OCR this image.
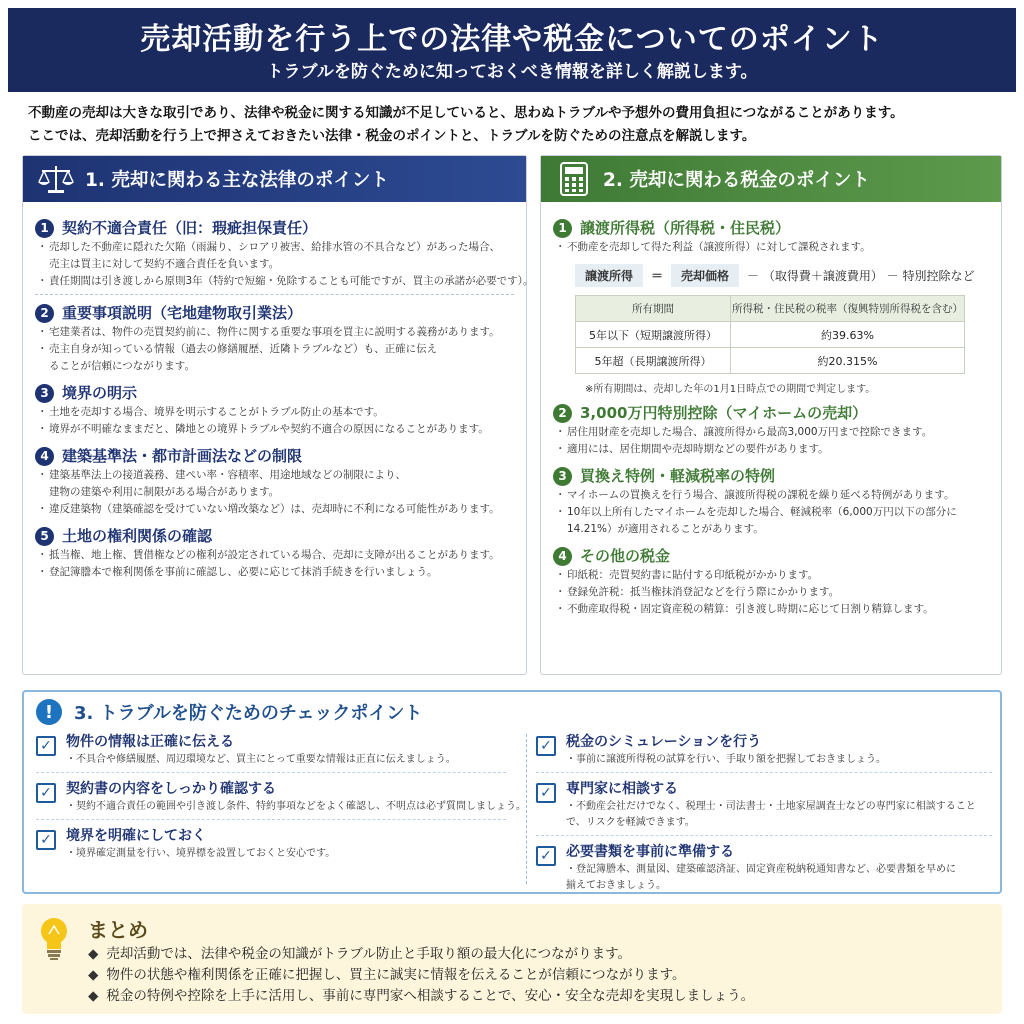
売却活動を行う上での法律や税金についてのポイント
トラブルを防ぐために知っておくべき情報を詳しく解説します。
不動産の売却は大きな取引であり、法律や税金に関する知識が不足していると、思わぬトラブルや予想外の費用負担につながることがあります。
ここでは、売却活動を行う上で押さえておきたい法律・税金のポイントと、トラブルを防ぐための注意点を解説します。
1. 売却に関わる主な法律のポイント
1 契約不適合責任（旧：瑕疵担保責任）
・ 売却した不動産に隠れた欠陥（雨漏り、シロアリ被害、給排水管の不具合など）があった場合、
売主は買主に対して契約不適合責任を負います。
・ 責任期間は引き渡しから原則3年（特約で短縮・免除することも可能ですが、買主の承諾が必要です）。
2 重要事項説明（宅地建物取引業法）
・ 宅建業者は、物件の売買契約前に、物件に関する重要な事項を買主に説明する義務があります。
・ 売主自身が知っている情報（過去の修繕履歴、近隣トラブルなど）も、正確に伝え
ることが信頼につながります。
3 境界の明示
・ 土地を売却する場合、境界を明示することがトラブル防止の基本です。
・ 境界が不明確なままだと、隣地との境界トラブルや契約不適合の原因になることがあります。
4 建築基準法・都市計画法などの制限
・ 建築基準法上の接道義務、建ぺい率・容積率、用途地域などの制限により、
建物の建築や利用に制限がある場合があります。
・ 違反建築物（建築確認を受けていない増改築など）は、売却時に不利になる可能性があります。
5 土地の権利関係の確認
・ 抵当権、地上権、賃借権などの権利が設定されている場合、売却に支障が出ることがあります。
・ 登記簿謄本で権利関係を事前に確認し、必要に応じて抹消手続きを行いましょう。
2. 売却に関わる税金のポイント
1 譲渡所得税（所得税・住民税）
・ 不動産を売却して得た利益（譲渡所得）に対して課税されます。
譲渡所得	＝	売却価格	－ （取得費＋譲渡費用） － 特別控除など
所有期間	所得税・住民税の税率（復興特別所得税を含む）
5年以下（短期譲渡所得）	約39.63%
5年超（長期譲渡所得）	約20.315%
※所有期間は、売却した年の1月1日時点での期間で判定します。
2 3,000万円特別控除（マイホームの売却）
・ 居住用財産を売却した場合、譲渡所得から最高3,000万円まで控除できます。
・ 適用には、居住期間や売却時期などの要件があります。
3 買換え特例・軽減税率の特例
・ マイホームの買換えを行う場合、譲渡所得税の課税を繰り延べる特例があります。
・ 10年以上所有したマイホームを売却した場合、軽減税率（6,000万円以下の部分に
14.21%）が適用されることがあります。
4 その他の税金
・ 印紙税：売買契約書に貼付する印紙税がかかります。
・ 登録免許税：抵当権抹消登記などを行う際にかかります。
・ 不動産取得税・固定資産税の精算：引き渡し時期に応じて日割り精算します。
!	3. トラブルを防ぐためのチェックポイント
✓ 物件の情報は正確に伝える
・不具合や修繕履歴、周辺環境など、買主にとって重要な情報は正直に伝えましょう。
✓ 契約書の内容をしっかり確認する
・契約不適合責任の範囲や引き渡し条件、特約事項などをよく確認し、不明点は必ず質問しましょう。
✓ 境界を明確にしておく
・境界確定測量を行い、境界標を設置しておくと安心です。
✓ 税金のシミュレーションを行う
・事前に譲渡所得税の試算を行い、手取り額を把握しておきましょう。
✓ 専門家に相談する
・不動産会社だけでなく、税理士・司法書士・土地家屋調査士などの専門家に相談すること
で、リスクを軽減できます。
✓ 必要書類を事前に準備する
・登記簿謄本、測量図、建築確認済証、固定資産税納税通知書など、必要書類を早めに
揃えておきましょう。
まとめ
◆ 売却活動では、法律や税金の知識がトラブル防止と手取り額の最大化につながります。
◆ 物件の状態や権利関係を正確に把握し、買主に誠実に情報を伝えることが信頼につながります。
◆ 税金の特例や控除を上手に活用し、事前に専門家へ相談することで、安心・安全な売却を実現しましょう。
